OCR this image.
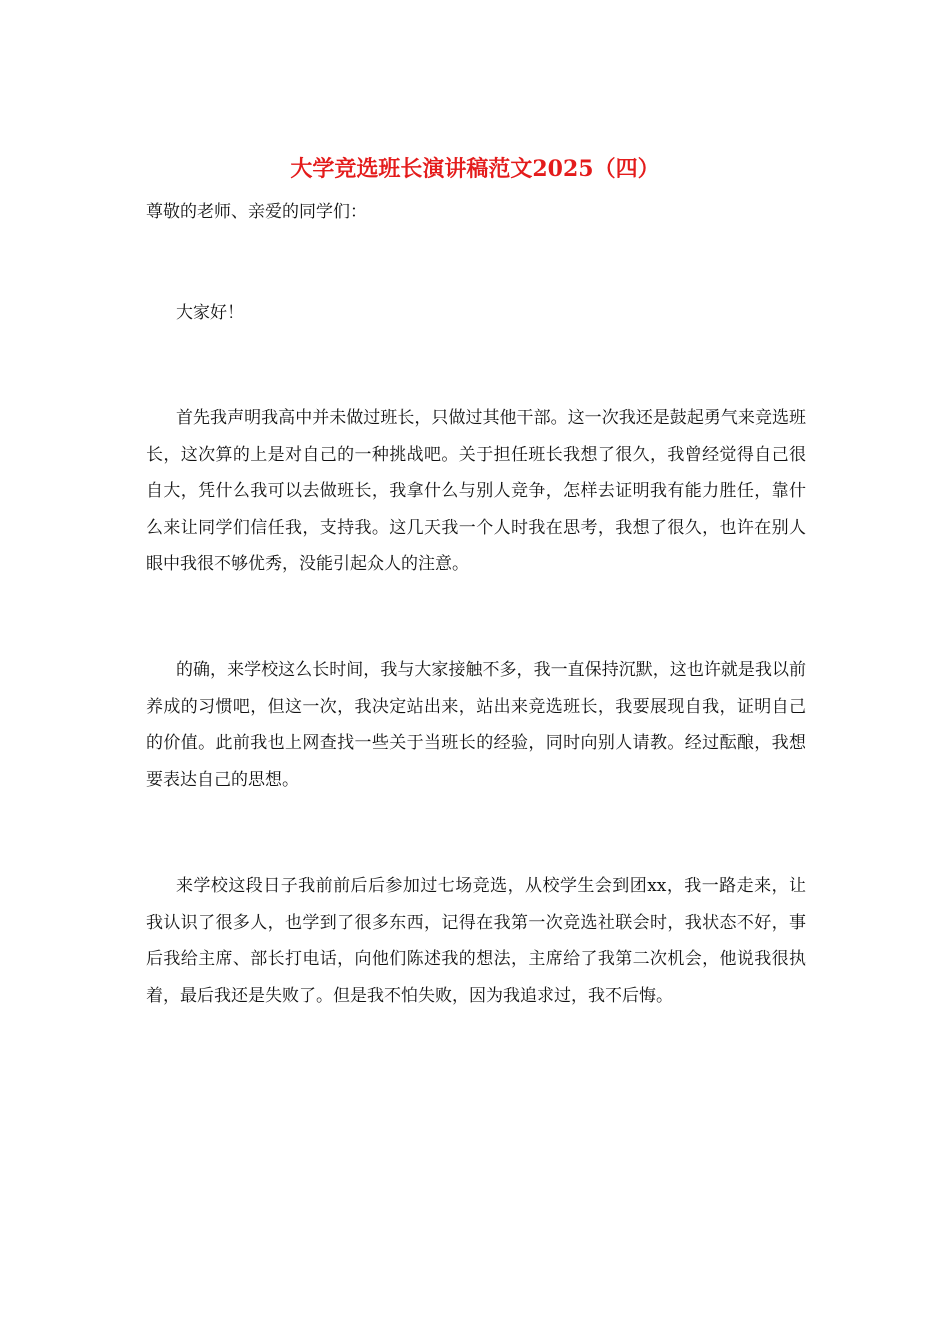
大学竞选班长演讲稿范文2025（四）
尊敬的老师、亲爱的同学们：
大家好！
首先我声明我高中并未做过班长，只做过其他干部。这一次我还是鼓起勇气来竞选班长，这次算的上是对自己的一种挑战吧。关于担任班长我想了很久，我曾经觉得自己很自大，凭什么我可以去做班长，我拿什么与别人竞争，怎样去证明我有能力胜任，靠什么来让同学们信任我，支持我。这几天我一个人时我在思考，我想了很久，也许在别人眼中我很不够优秀，没能引起众人的注意。
的确，来学校这么长时间，我与大家接触不多，我一直保持沉默，这也许就是我以前养成的习惯吧，但这一次，我决定站出来，站出来竞选班长，我要展现自我，证明自己的价值。此前我也上网查找一些关于当班长的经验，同时向别人请教。经过酝酿，我想要表达自己的思想。
来学校这段日子我前前后后参加过七场竞选，从校学生会到团xx，我一路走来，让我认识了很多人，也学到了很多东西，记得在我第一次竞选社联会时，我状态不好，事后我给主席、部长打电话，向他们陈述我的想法，主席给了我第二次机会，他说我很执着，最后我还是失败了。但是我不怕失败，因为我追求过，我不后悔。
